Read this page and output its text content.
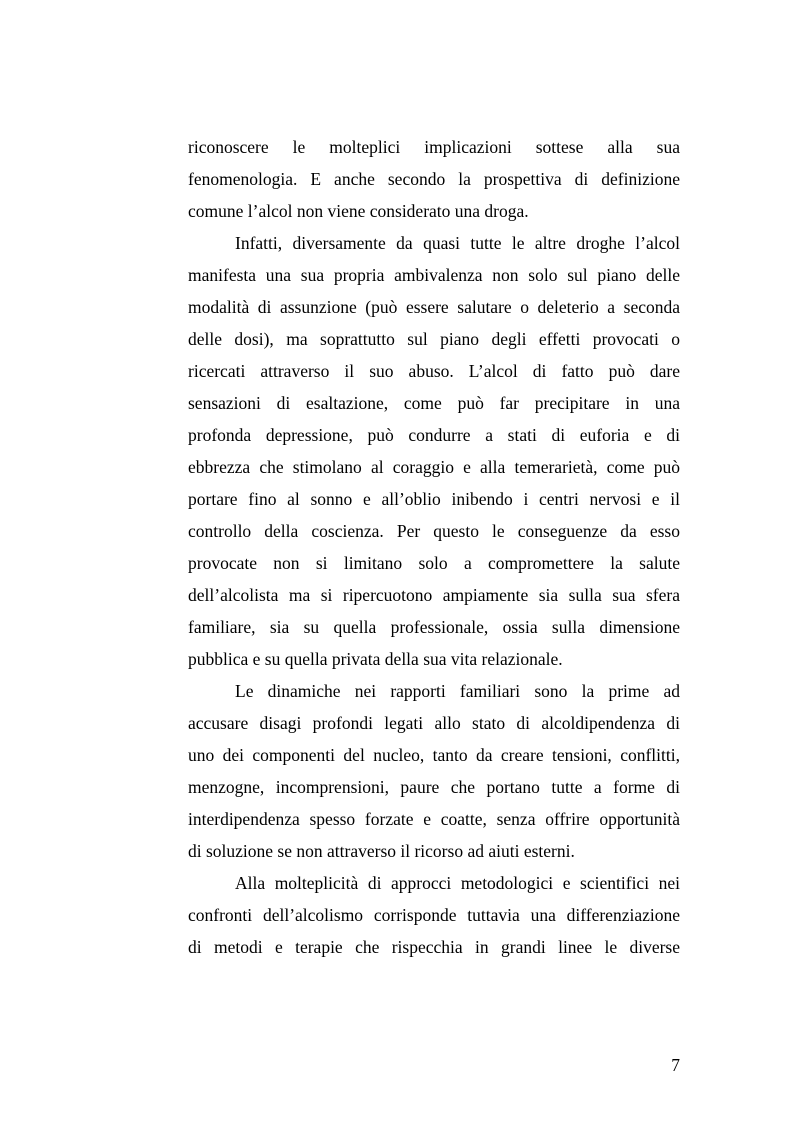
riconoscere le molteplici implicazioni sottese alla sua
fenomenologia. E anche secondo la prospettiva di definizione
comune l’alcol non viene considerato una droga.
Infatti, diversamente da quasi tutte le altre droghe l’alcol
manifesta una sua propria ambivalenza non solo sul piano delle
modalità di assunzione (può essere salutare o deleterio a seconda
delle dosi), ma soprattutto sul piano degli effetti provocati o
ricercati attraverso il suo abuso. L’alcol di fatto può dare
sensazioni di esaltazione, come può far precipitare in una
profonda depressione, può condurre a stati di euforia e di
ebbrezza che stimolano al coraggio e alla temerarietà, come può
portare fino al sonno e all’oblio inibendo i centri nervosi e il
controllo della coscienza. Per questo le conseguenze da esso
provocate non si limitano solo a compromettere la salute
dell’alcolista ma si ripercuotono ampiamente sia sulla sua sfera
familiare, sia su quella professionale, ossia sulla dimensione
pubblica e su quella privata della sua vita relazionale.
Le dinamiche nei rapporti familiari sono la prime ad
accusare disagi profondi legati allo stato di alcoldipendenza di
uno dei componenti del nucleo, tanto da creare tensioni, conflitti,
menzogne, incomprensioni, paure che portano tutte a forme di
interdipendenza spesso forzate e coatte, senza offrire opportunità
di soluzione se non attraverso il ricorso ad aiuti esterni.
Alla molteplicità di approcci metodologici e scientifici nei
confronti dell’alcolismo corrisponde tuttavia una differenziazione
di metodi e terapie che rispecchia in grandi linee le diverse
7
